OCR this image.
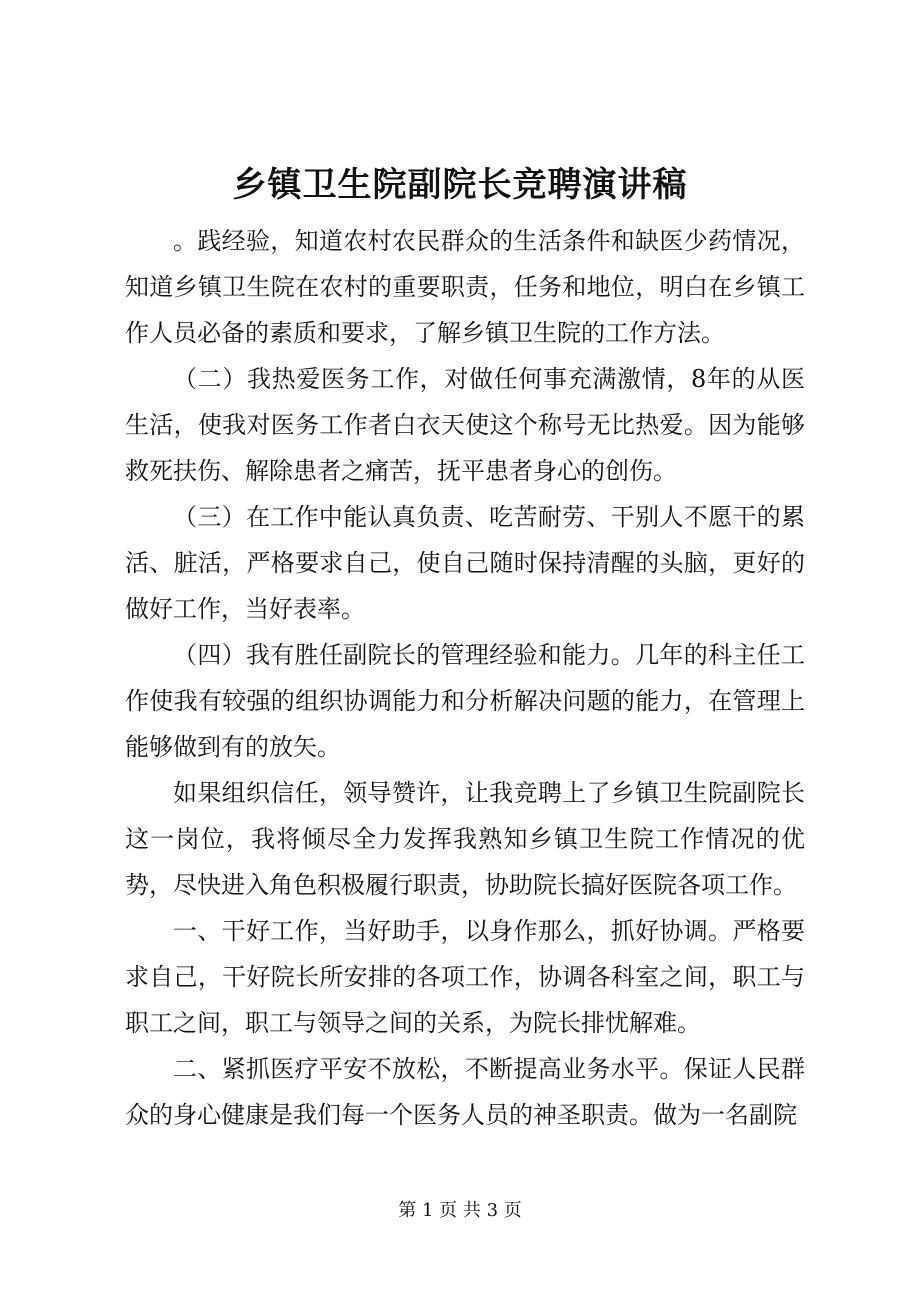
乡镇卫生院副院长竞聘演讲稿

。践经验，知道农村农民群众的生活条件和缺医少药情况，知道乡镇卫生院在农村的重要职责，任务和地位，明白在乡镇工作人员必备的素质和要求，了解乡镇卫生院的工作方法。

（二）我热爱医务工作，对做任何事充满激情，8年的从医生活，使我对医务工作者白衣天使这个称号无比热爱。因为能够救死扶伤、解除患者之痛苦，抚平患者身心的创伤。

（三）在工作中能认真负责、吃苦耐劳、干别人不愿干的累活、脏活，严格要求自己，使自己随时保持清醒的头脑，更好的做好工作，当好表率。

（四）我有胜任副院长的管理经验和能力。几年的科主任工作使我有较强的组织协调能力和分析解决问题的能力，在管理上能够做到有的放矢。

如果组织信任，领导赞许，让我竞聘上了乡镇卫生院副院长这一岗位，我将倾尽全力发挥我熟知乡镇卫生院工作情况的优势，尽快进入角色积极履行职责，协助院长搞好医院各项工作。

一、干好工作，当好助手，以身作那么，抓好协调。严格要求自己，干好院长所安排的各项工作，协调各科室之间，职工与职工之间，职工与领导之间的关系，为院长排忧解难。

二、紧抓医疗平安不放松，不断提高业务水平。保证人民群众的身心健康是我们每一个医务人员的神圣职责。做为一名副院

第 1 页 共 3 页
